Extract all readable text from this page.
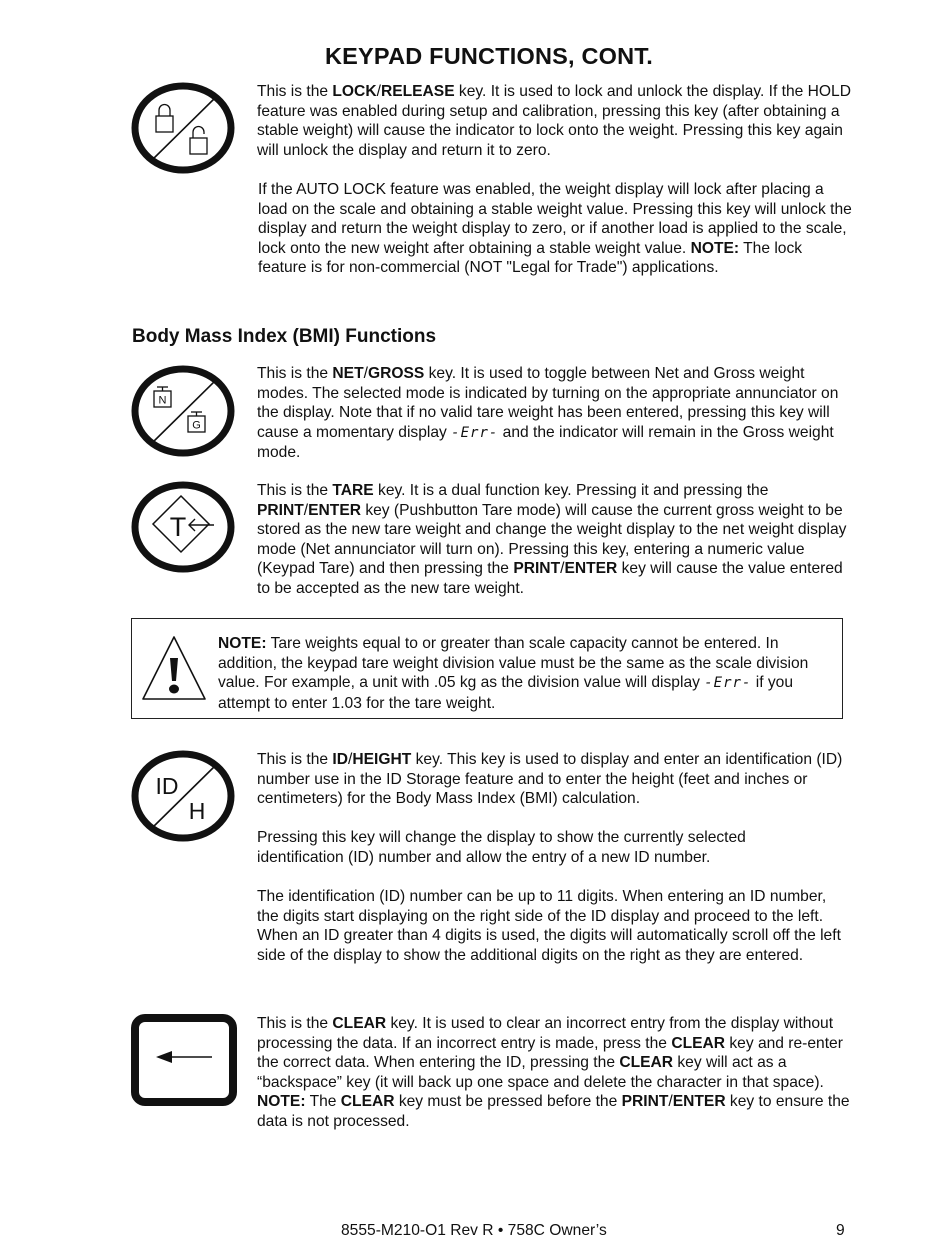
KEYPAD FUNCTIONS, CONT.

This is the LOCK/RELEASE key. It is used to lock and unlock the display. If the HOLD feature was enabled during setup and calibration, pressing this key (after obtaining a stable weight) will cause the indicator to lock onto the weight. Pressing this key again will unlock the display and return it to zero.

If the AUTO LOCK feature was enabled, the weight display will lock after placing a load on the scale and obtaining a stable weight value. Pressing this key will unlock the display and return the weight display to zero, or if another load is applied to the scale, lock onto the new weight after obtaining a stable weight value. NOTE: The lock feature is for non-commercial (NOT "Legal for Trade") applications.

Body Mass Index (BMI) Functions
N
G

This is the NET/GROSS key. It is used to toggle between Net and Gross weight modes. The selected mode is indicated by turning on the appropriate annunciator on the display. Note that if no valid tare weight has been entered, pressing this key will cause a momentary display -Err- and the indicator will remain in the Gross weight mode.

T

This is the TARE key. It is a dual function key. Pressing it and pressing the PRINT/ENTER key (Pushbutton Tare mode) will cause the current gross weight to be stored as the new tare weight and change the weight display to the net weight display mode (Net annunciator will turn on). Pressing this key, entering a numeric value (Keypad Tare) and then pressing the PRINT/ENTER key will cause the value entered to be accepted as the new tare weight.

NOTE: Tare weights equal to or greater than scale capacity cannot be entered. In addition, the keypad tare weight division value must be the same as the scale division value. For example, a unit with .05 kg as the division value will display -Err- if you attempt to enter 1.03 for the tare weight.

ID
H

This is the ID/HEIGHT key. This key is used to display and enter an identification (ID) number use in the ID Storage feature and to enter the height (feet and inches or centimeters) for the Body Mass Index (BMI) calculation.

Pressing this key will change the display to show the currently selected identification (ID) number and allow the entry of a new ID number.

The identification (ID) number can be up to 11 digits. When entering an ID number, the digits start displaying on the right side of the ID display and proceed to the left. When an ID greater than 4 digits is used, the digits will automatically scroll off the left side of the display to show the additional digits on the right as they are entered.

This is the CLEAR key. It is used to clear an incorrect entry from the display without processing the data. If an incorrect entry is made, press the CLEAR key and re-enter the correct data. When entering the ID, pressing the CLEAR key will act as a “backspace” key (it will back up one space and delete the character in that space). NOTE: The CLEAR key must be pressed before the PRINT/ENTER key to ensure the data is not processed.

8555-M210-O1 Rev R • 758C Owner’s	9
